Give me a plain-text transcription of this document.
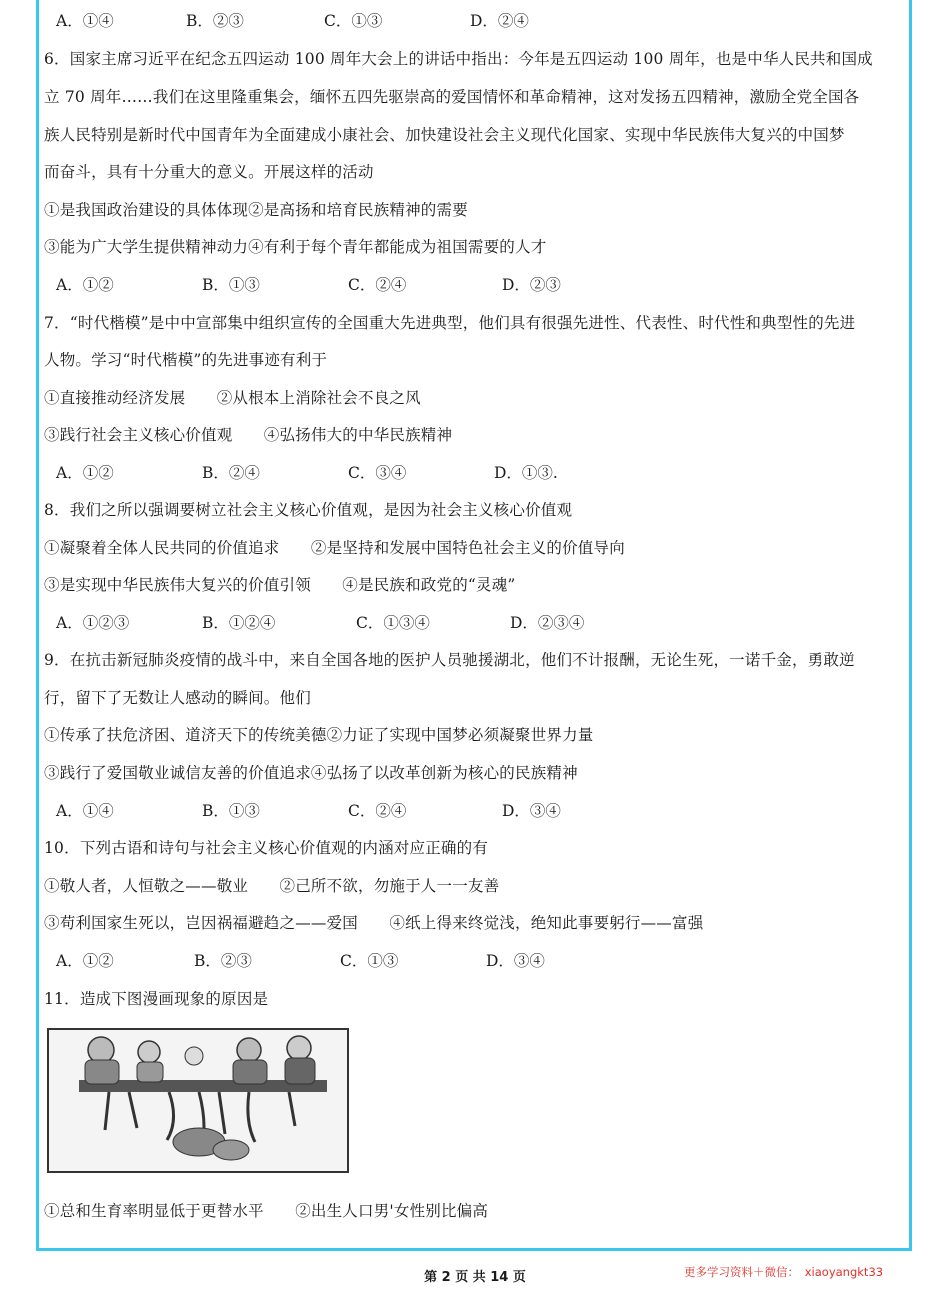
A．①④	B．②③	C．①③	D．②④
6．国家主席习近平在纪念五四运动 100 周年大会上的讲话中指出：今年是五四运动 100 周年，也是中华人民共和国成
立 70 周年……我们在这里隆重集会，缅怀五四先驱崇高的爱国情怀和革命精神，这对发扬五四精神，激励全党全国各
族人民特别是新时代中国青年为全面建成小康社会、加快建设社会主义现代化国家、实现中华民族伟大复兴的中国梦
而奋斗，具有十分重大的意义。开展这样的活动
①是我国政治建设的具体体现②是高扬和培育民族精神的需要
③能为广大学生提供精神动力④有利于每个青年都能成为祖国需要的人才
A．①②	B．①③	C．②④	D．②③
7．“时代楷模”是中中宣部集中组织宣传的全国重大先进典型，他们具有很强先进性、代表性、时代性和典型性的先进
人物。学习“时代楷模”的先进事迹有利于
①直接推动经济发展　　②从根本上消除社会不良之风
③践行社会主义核心价值观　　④弘扬伟大的中华民族精神
A．①②	B．②④	C．③④	D．①③.
8．我们之所以强调要树立社会主义核心价值观，是因为社会主义核心价值观
①凝聚着全体人民共同的价值追求　　②是坚持和发展中国特色社会主义的价值导向
③是实现中华民族伟大复兴的价值引领　　④是民族和政党的“灵魂”
A．①②③	B．①②④	C．①③④	D．②③④
9．在抗击新冠肺炎疫情的战斗中，来自全国各地的医护人员驰援湖北，他们不计报酬，无论生死，一诺千金，勇敢逆
行，留下了无数让人感动的瞬间。他们
①传承了扶危济困、道济天下的传统美德②力证了实现中国梦必须凝聚世界力量
③践行了爱国敬业诚信友善的价值追求④弘扬了以改革创新为核心的民族精神
A．①④	B．①③	C．②④	D．③④
10．下列古语和诗句与社会主义核心价值观的内涵对应正确的有
①敬人者，人恒敬之——敬业　　②己所不欲，勿施于人一一友善
③苟利国家生死以，岂因祸福避趋之——爱国　　④纸上得来终觉浅，绝知此事要躬行——富强
A．①②	B．②③	C．①③	D．③④
11．造成下图漫画现象的原因是
①总和生育率明显低于更替水平　　②出生人口男'女性别比偏高
第 2 页 共 14 页	更多学习资料＋微信：　xiaoyangkt33
